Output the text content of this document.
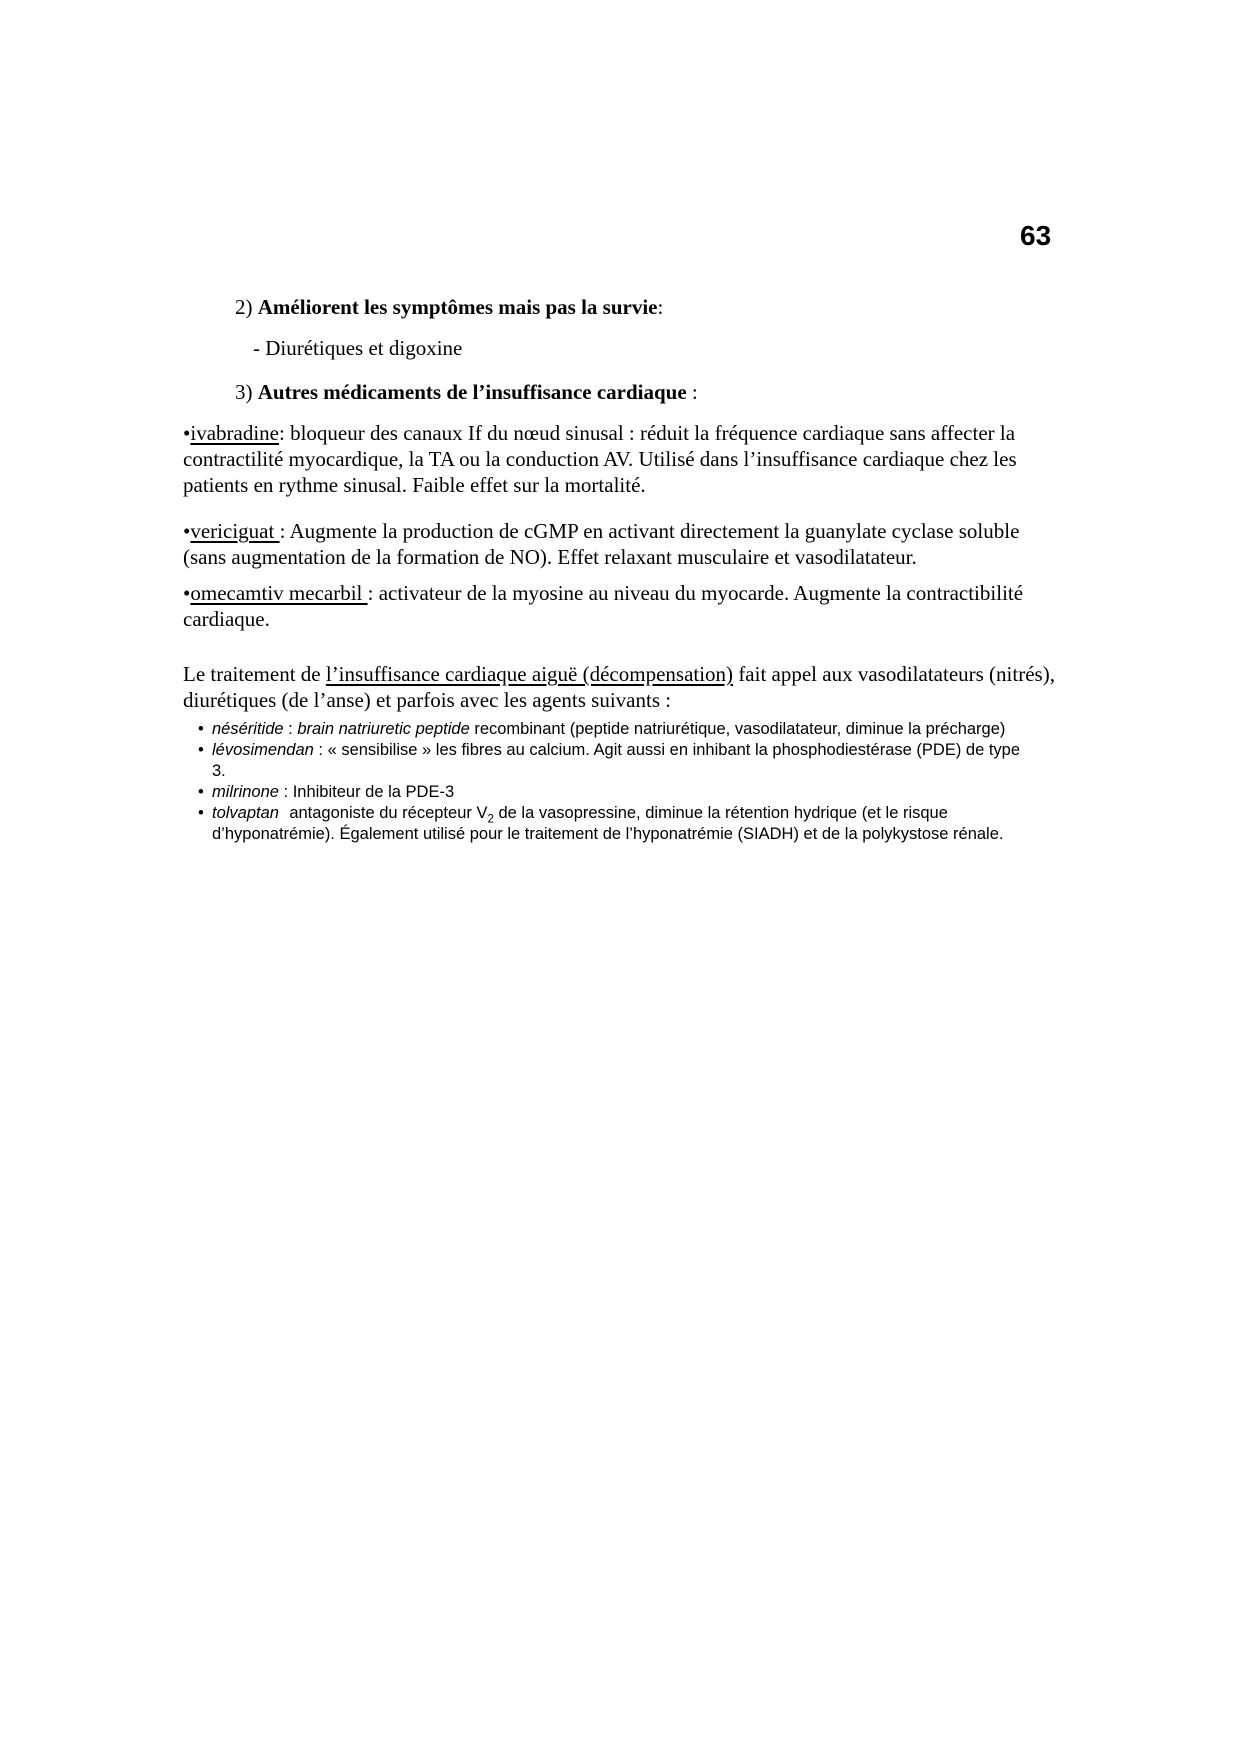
63

2) Améliorent les symptômes mais pas la survie:

- Diurétiques et digoxine

3) Autres médicaments de l’insuffisance cardiaque :

•ivabradine: bloqueur des canaux If du nœud sinusal : réduit la fréquence cardiaque sans affecter la contractilité myocardique, la TA ou la conduction AV. Utilisé dans l’insuffisance cardiaque chez les patients en rythme sinusal. Faible effet sur la mortalité.

•vericiguat : Augmente la production de cGMP en activant directement la guanylate cyclase soluble (sans augmentation de la formation de NO). Effet relaxant musculaire et vasodilatateur.

•omecamtiv mecarbil : activateur de la myosine au niveau du myocarde. Augmente la contractibilité cardiaque.

Le traitement de l’insuffisance cardiaque aiguë (décompensation) fait appel aux vasodilatateurs (nitrés), diurétiques (de l’anse) et parfois avec les agents suivants :

• néséritide : brain natriuretic peptide recombinant (peptide natriurétique, vasodilatateur, diminue la précharge)
• lévosimendan : « sensibilise » les fibres au calcium. Agit aussi en inhibant la phosphodiestérase (PDE) de type 3.
• milrinone : Inhibiteur de la PDE-3
• tolvaptan antagoniste du récepteur $V_2$ de la vasopressine, diminue la rétention hydrique (et le risque d’hyponatrémie). Également utilisé pour le traitement de l’hyponatrémie (SIADH) et de la polykystose rénale.
